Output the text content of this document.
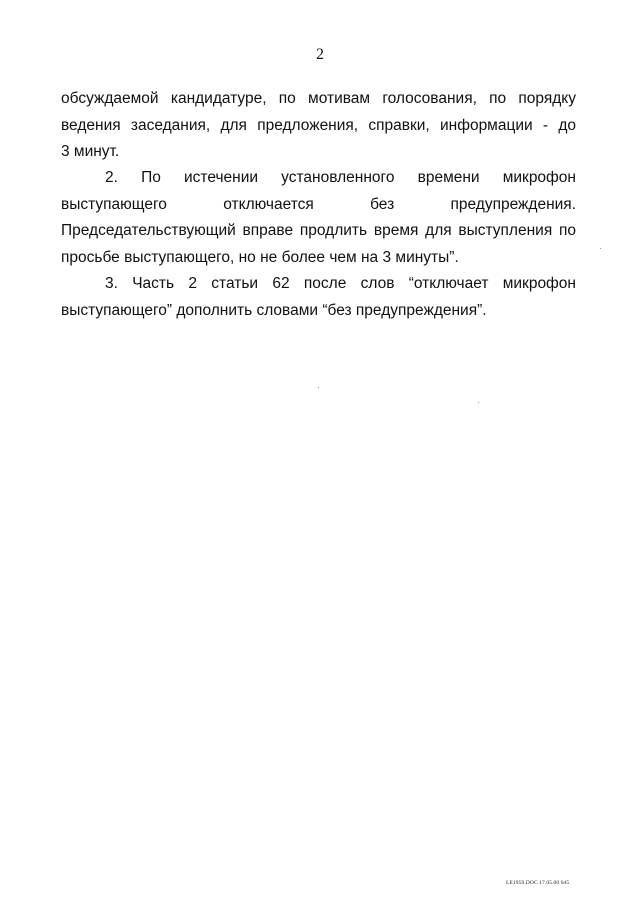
2
обсуждаемой кандидатуре, по мотивам голосования, по порядку
ведения заседания, для предложения, справки, информации - до
3 минут.
2. По истечении установленного времени микрофон
выступающего отключается без предупреждения.
Председательствующий вправе продлить время для выступления по
просьбе выступающего, но не более чем на 3 минуты”.
3. Часть 2 статьи 62 после слов “отключает микрофон
выступающего” дополнить словами “без предупреждения”.
LE1959.DOC 17.05.00 645
